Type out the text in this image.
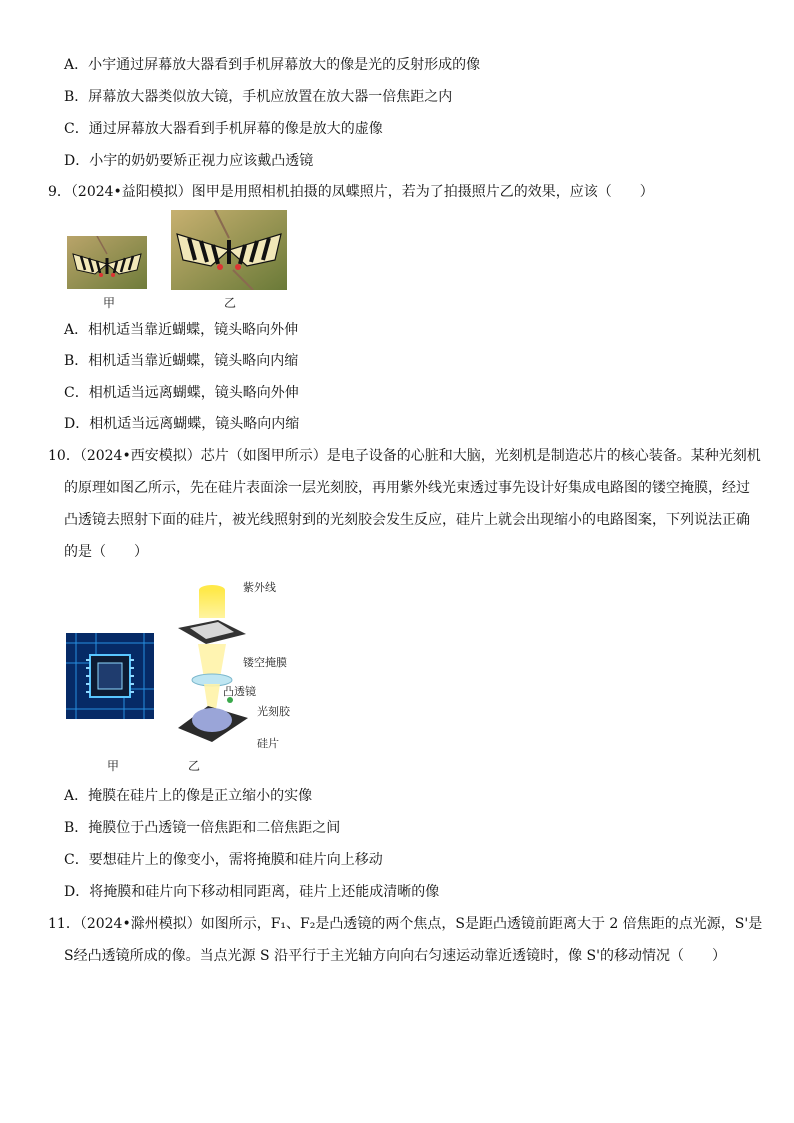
A．小宇通过屏幕放大器看到手机屏幕放大的像是光的反射形成的像
B．屏幕放大器类似放大镜，手机应放置在放大器一倍焦距之内
C．通过屏幕放大器看到手机屏幕的像是放大的虚像
D．小宇的奶奶要矫正视力应该戴凸透镜
9．（2024•益阳模拟）图甲是用照相机拍摄的凤蝶照片，若为了拍摄照片乙的效果，应该（　　）
甲	乙
A．相机适当靠近蝴蝶，镜头略向外伸
B．相机适当靠近蝴蝶，镜头略向内缩
C．相机适当远离蝴蝶，镜头略向外伸
D．相机适当远离蝴蝶，镜头略向内缩
10．（2024•西安模拟）芯片（如图甲所示）是电子设备的心脏和大脑，光刻机是制造芯片的核心装备。某种光刻机
的原理如图乙所示，先在硅片表面涂一层光刻胶，再用紫外线光束透过事先设计好集成电路图的镂空掩膜，经过
凸透镜去照射下面的硅片，被光线照射到的光刻胶会发生反应，硅片上就会出现缩小的电路图案，下列说法正确
的是（　　）
紫外线
镂空掩膜
凸透镜
光刻胶
硅片
甲	乙
A．掩膜在硅片上的像是正立缩小的实像
B．掩膜位于凸透镜一倍焦距和二倍焦距之间
C．要想硅片上的像变小，需将掩膜和硅片向上移动
D．将掩膜和硅片向下移动相同距离，硅片上还能成清晰的像
11．（2024•滁州模拟）如图所示，F₁、F₂是凸透镜的两个焦点，S是距凸透镜前距离大于 2 倍焦距的点光源，S'是
S经凸透镜所成的像。当点光源 S 沿平行于主光轴方向向右匀速运动靠近透镜时，像 S'的移动情况（　　）
